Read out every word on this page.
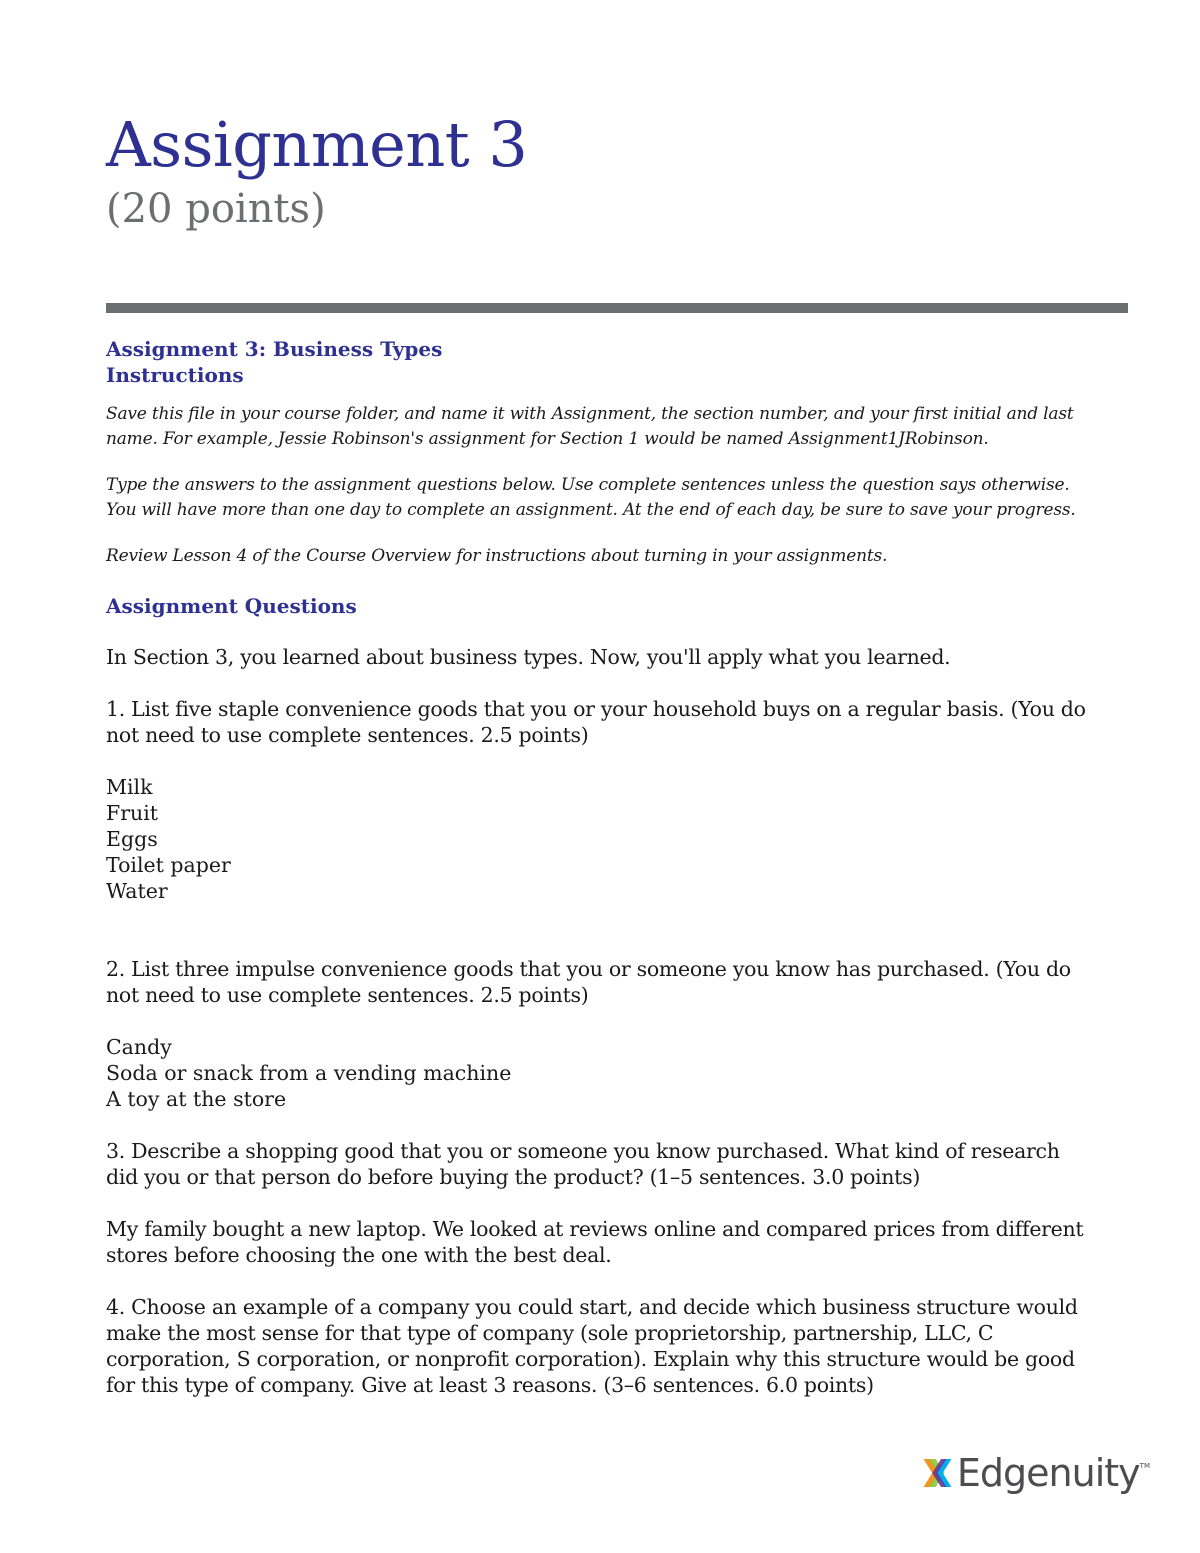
Assignment 3
(20 points)

Assignment 3: Business Types

Instructions

Save this file in your course folder, and name it with Assignment, the section number, and your first initial and last name. For example, Jessie Robinson's assignment for Section 1 would be named Assignment1JRobinson.

Type the answers to the assignment questions below. Use complete sentences unless the question says otherwise. You will have more than one day to complete an assignment. At the end of each day, be sure to save your progress.

Review Lesson 4 of the Course Overview for instructions about turning in your assignments.

Assignment Questions

In Section 3, you learned about business types. Now, you'll apply what you learned.

1. List five staple convenience goods that you or your household buys on a regular basis. (You do not need to use complete sentences. 2.5 points)

Milk
Fruit
Eggs
Toilet paper
Water

2. List three impulse convenience goods that you or someone you know has purchased. (You do not need to use complete sentences. 2.5 points)

Candy
Soda or snack from a vending machine
A toy at the store

3. Describe a shopping good that you or someone you know purchased. What kind of research did you or that person do before buying the product? (1–5 sentences. 3.0 points)

My family bought a new laptop. We looked at reviews online and compared prices from different stores before choosing the one with the best deal.

4. Choose an example of a company you could start, and decide which business structure would make the most sense for that type of company (sole proprietorship, partnership, LLC, C corporation, S corporation, or nonprofit corporation). Explain why this structure would be good for this type of company. Give at least 3 reasons. (3–6 sentences. 6.0 points)

Edgenuity TM
